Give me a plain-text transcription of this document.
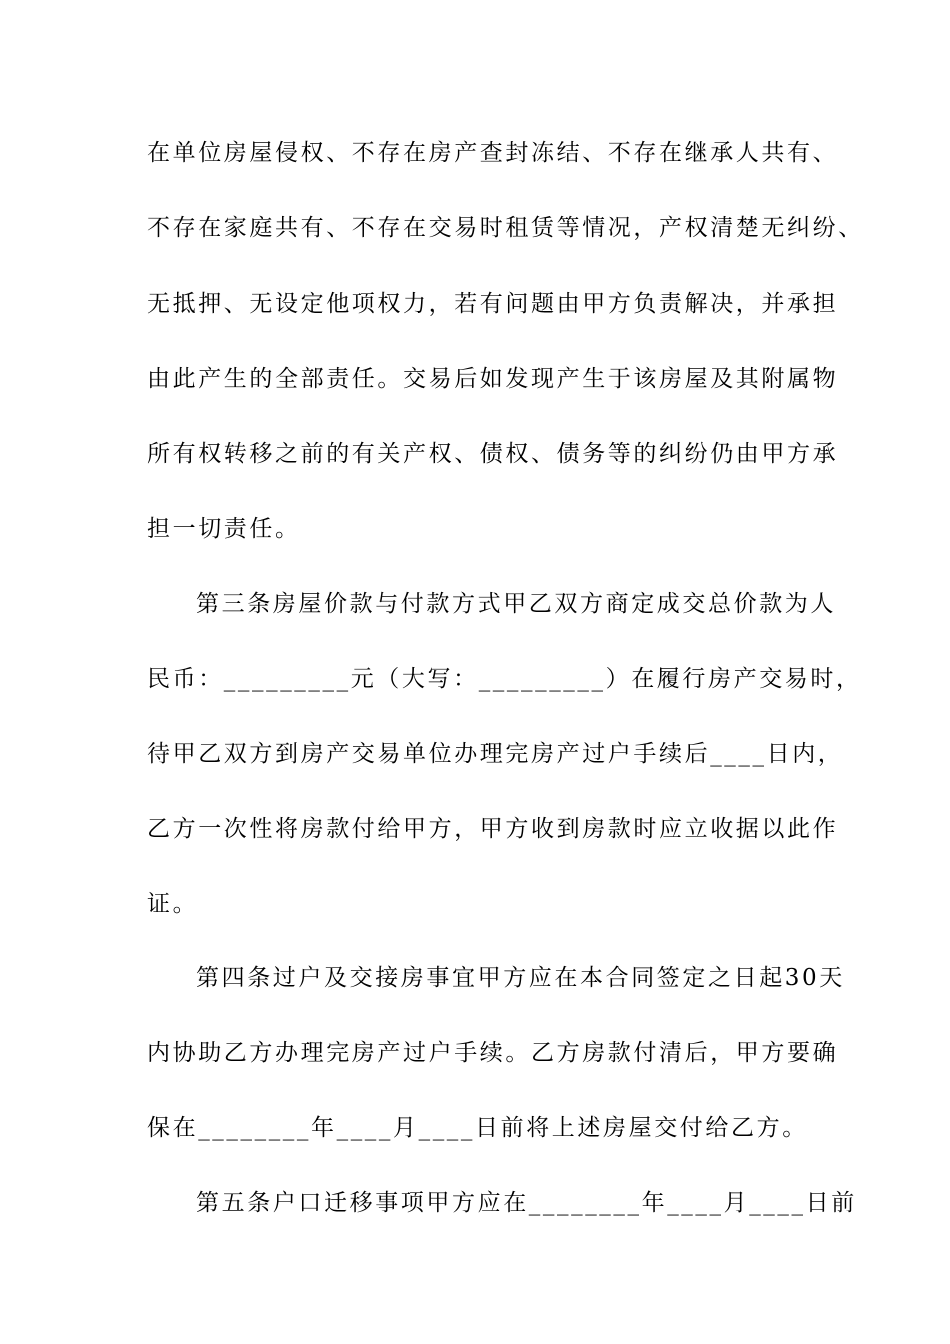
在单位房屋侵权、不存在房产查封冻结、不存在继承人共有、
不存在家庭共有、不存在交易时租赁等情况，产权清楚无纠纷、
无抵押、无设定他项权力，若有问题由甲方负责解决，并承担
由此产生的全部责任。交易后如发现产生于该房屋及其附属物
所有权转移之前的有关产权、债权、债务等的纠纷仍由甲方承
担一切责任。
第三条房屋价款与付款方式甲乙双方商定成交总价款为人
民币：_________元（大写：_________）在履行房产交易时，
待甲乙双方到房产交易单位办理完房产过户手续后____日内，
乙方一次性将房款付给甲方，甲方收到房款时应立收据以此作
证。
第四条过户及交接房事宜甲方应在本合同签定之日起30天
内协助乙方办理完房产过户手续。乙方房款付清后，甲方要确
保在________年____月____日前将上述房屋交付给乙方。
第五条户口迁移事项甲方应在________年____月____日前
